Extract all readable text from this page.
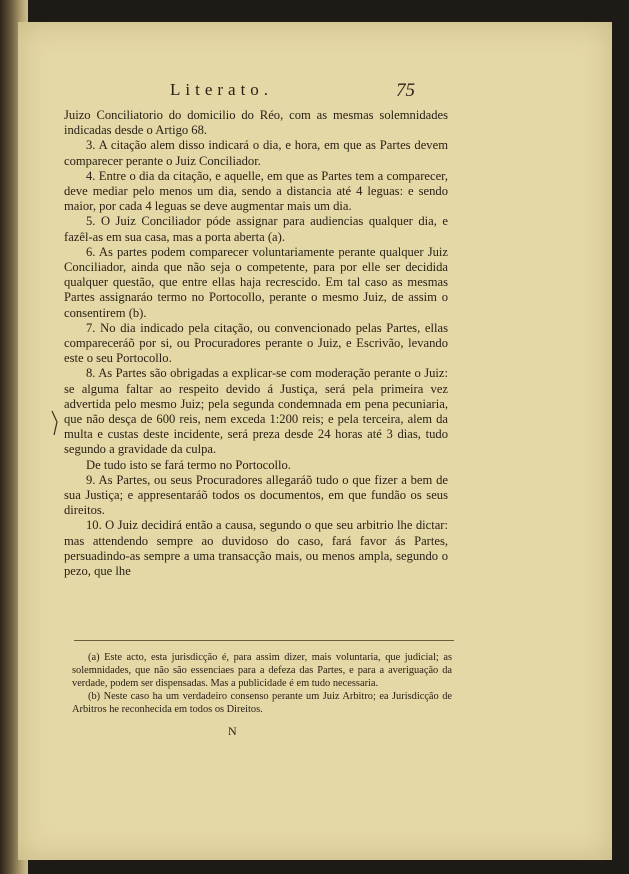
Literato.	75

Juizo Conciliatorio do domicilio do Réo, com as mesmas solemnidades indicadas desde o Artigo 68.

3. A citação alem disso indicará o dia, e hora, em que as Partes devem comparecer perante o Juiz Conciliador.

4. Entre o dia da citação, e aquelle, em que as Partes tem a comparecer, deve mediar pelo menos um dia, sendo a distancia até 4 leguas: e sendo maior, por cada 4 leguas se deve augmentar mais um dia.

5. O Juiz Conciliador póde assignar para audiencias qualquer dia, e fazêl-as em sua casa, mas a porta aberta (a).

6. As partes podem comparecer voluntariamente perante qualquer Juiz Conciliador, ainda que não seja o competente, para por elle ser decidida qualquer questão, que entre ellas haja recrescido. Em tal caso as mesmas Partes assignaráo termo no Portocollo, perante o mesmo Juiz, de assim o consentirem (b).

7. No dia indicado pela citação, ou convencionado pelas Partes, ellas compareceráõ por si, ou Procuradores perante o Juiz, e Escrivão, levando este o seu Portocollo.

8. As Partes são obrigadas a explicar-se com moderação perante o Juiz: se alguma faltar ao respeito devido á Justiça, será pela primeira vez advertida pelo mesmo Juiz; pela segunda condemnada em pena pecuniaria, que não desça de 600 reis, nem exceda 1:200 reis; e pela terceira, alem da multa e custas deste incidente, será preza desde 24 horas até 3 dias, tudo segundo a gravidade da culpa.

De tudo isto se fará termo no Portocollo.

9. As Partes, ou seus Procuradores allegaráõ tudo o que fizer a bem de sua Justiça; e appresentaráõ todos os documentos, em que fundão os seus direitos.

10. O Juiz decidirá então a causa, segundo o que seu arbitrio lhe dictar: mas attendendo sempre ao duvidoso do caso, fará favor ás Partes, persuadindo-as sempre a uma transacção mais, ou menos ampla, segundo o pezo, que lhe

(a) Este acto, esta jurisdicção é, para assim dizer, mais voluntaria, que judicial; as solemnidades, que não são essenciaes para a defeza das Partes, e para a averiguação da verdade, podem ser dispensadas. Mas a publicidade é em tudo necessaria.

(b) Neste caso ha um verdadeiro consenso perante um Juiz Arbitro; ea Jurisdicção de Arbitros he reconhecida em todos os Direitos.

N
